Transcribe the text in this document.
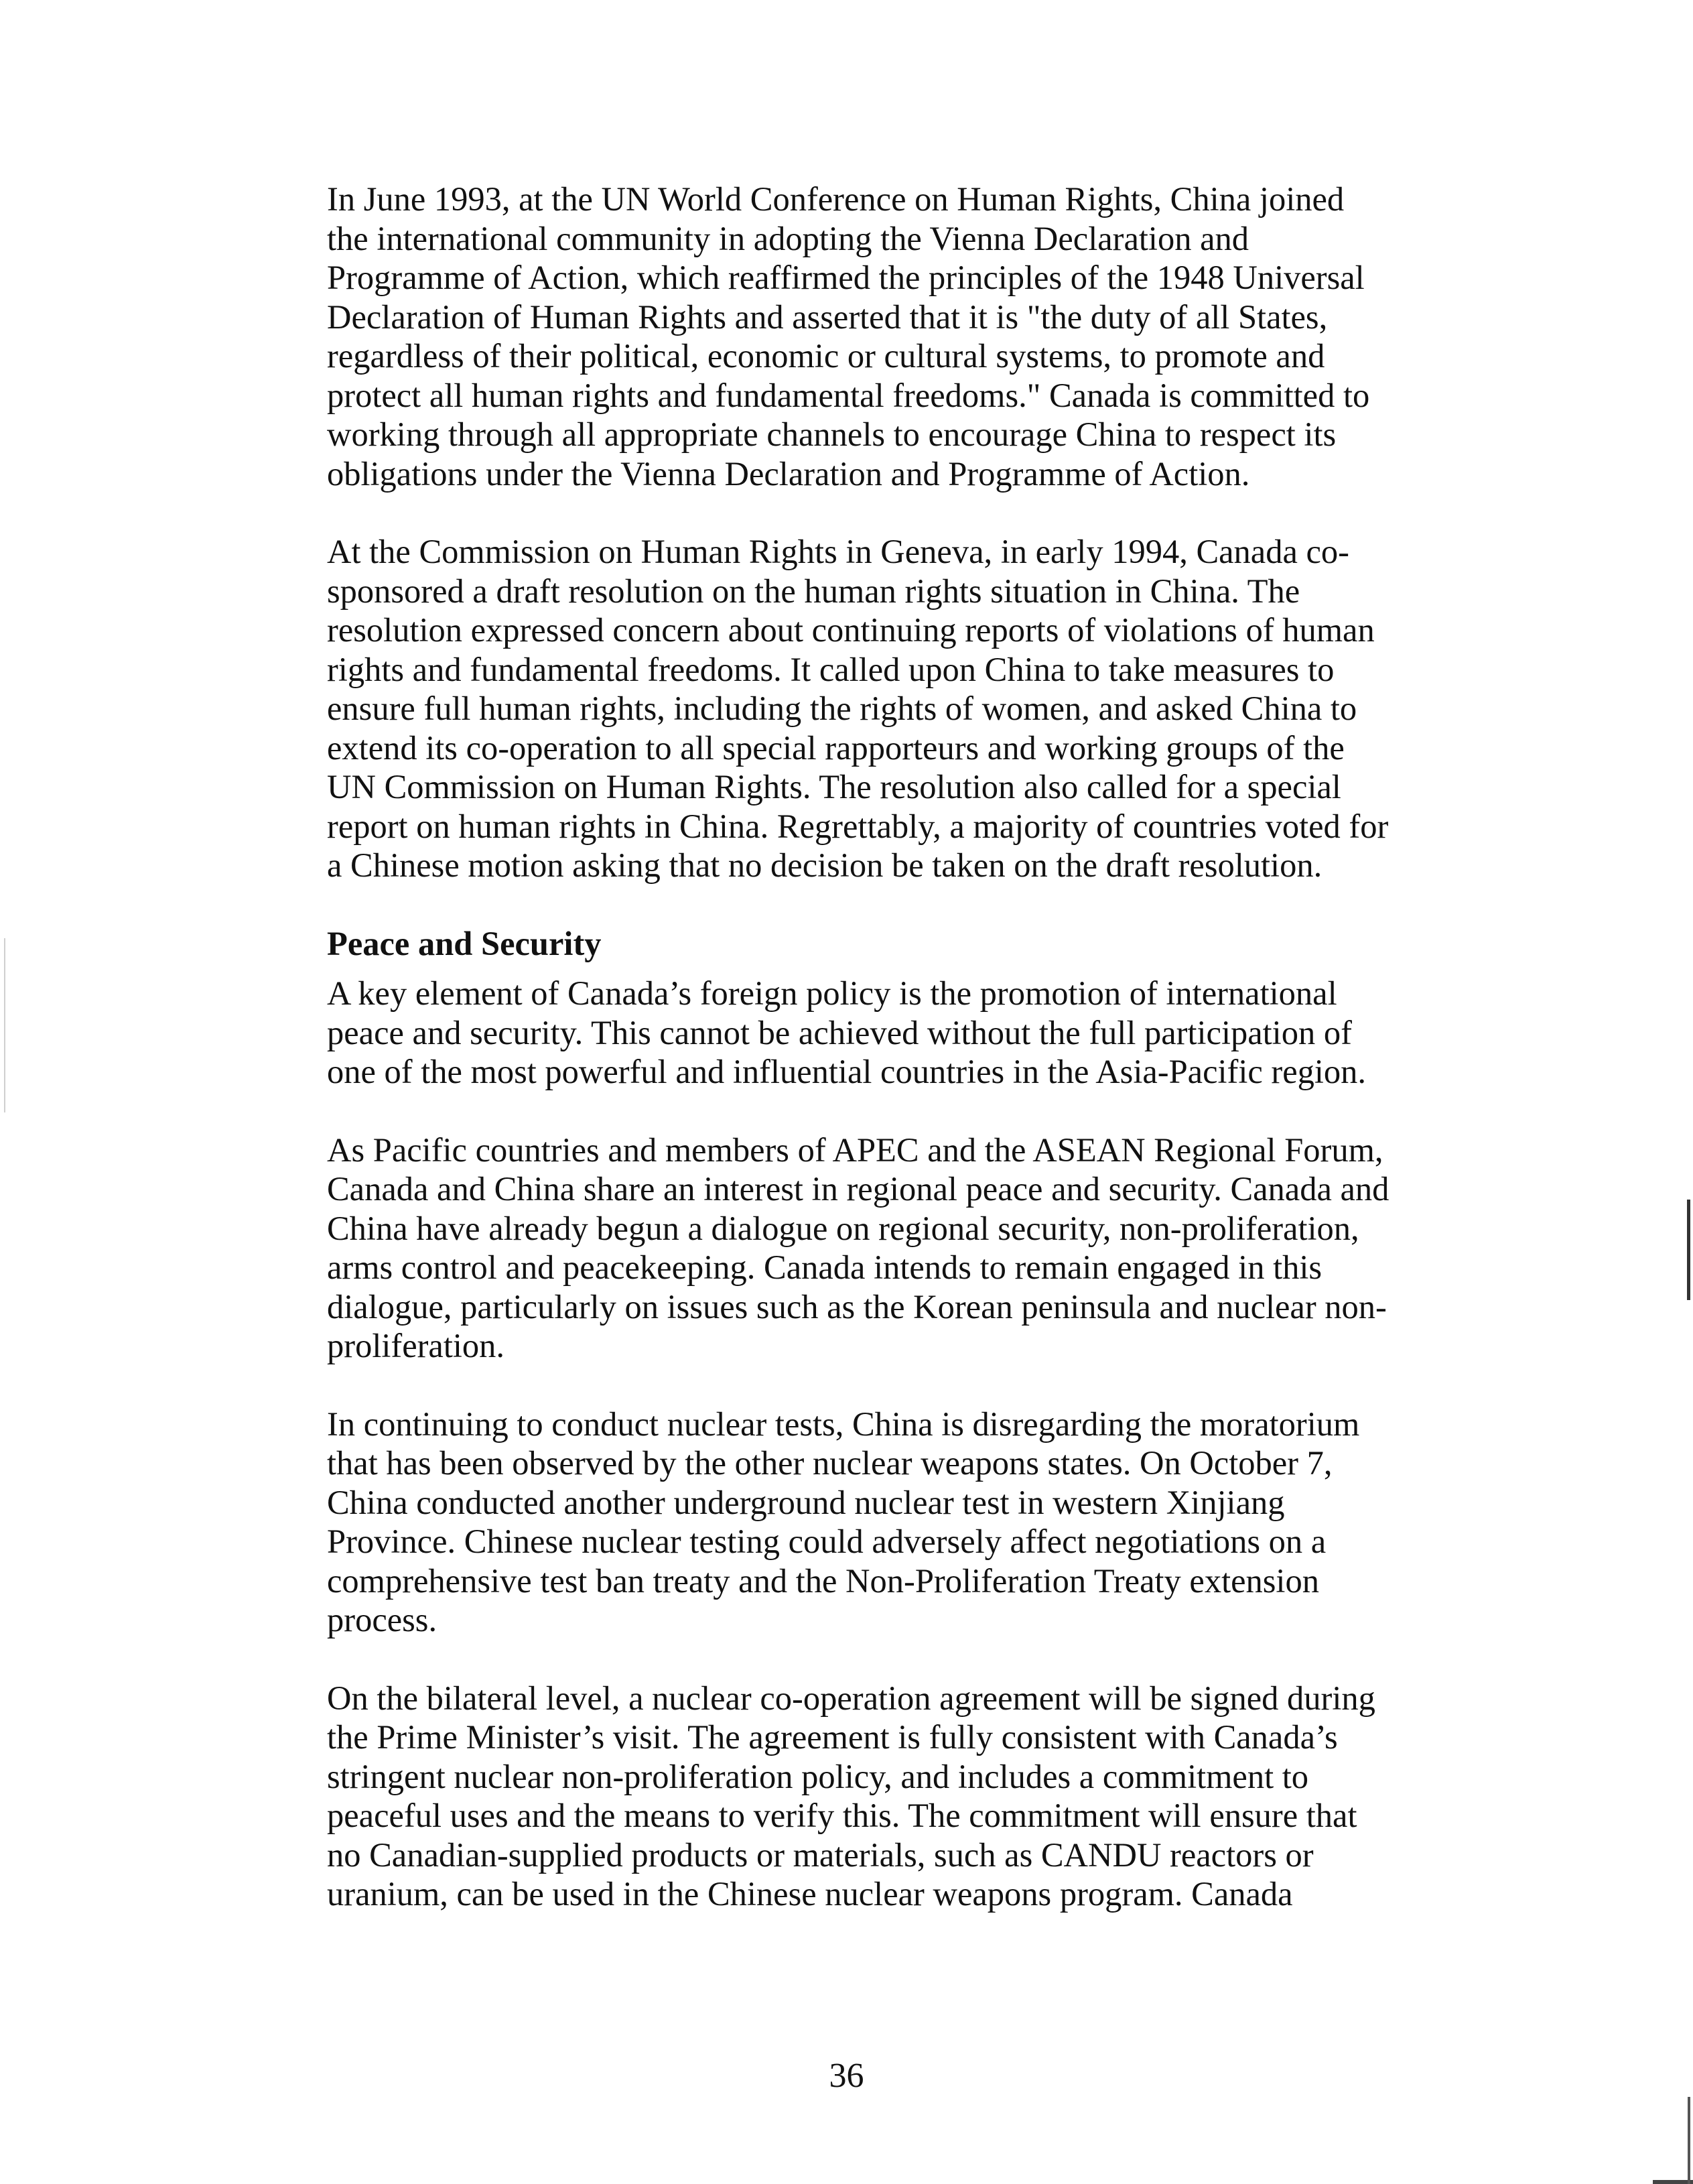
In June 1993, at the UN World Conference on Human Rights, China joined
the international community in adopting the Vienna Declaration and
Programme of Action, which reaffirmed the principles of the 1948 Universal
Declaration of Human Rights and asserted that it is "the duty of all States,
regardless of their political, economic or cultural systems, to promote and
protect all human rights and fundamental freedoms." Canada is committed to
working through all appropriate channels to encourage China to respect its
obligations under the Vienna Declaration and Programme of Action.
At the Commission on Human Rights in Geneva, in early 1994, Canada co-
sponsored a draft resolution on the human rights situation in China. The
resolution expressed concern about continuing reports of violations of human
rights and fundamental freedoms. It called upon China to take measures to
ensure full human rights, including the rights of women, and asked China to
extend its co-operation to all special rapporteurs and working groups of the
UN Commission on Human Rights. The resolution also called for a special
report on human rights in China. Regrettably, a majority of countries voted for
a Chinese motion asking that no decision be taken on the draft resolution.
Peace and Security
A key element of Canada’s foreign policy is the promotion of international
peace and security. This cannot be achieved without the full participation of
one of the most powerful and influential countries in the Asia-Pacific region.
As Pacific countries and members of APEC and the ASEAN Regional Forum,
Canada and China share an interest in regional peace and security. Canada and
China have already begun a dialogue on regional security, non-proliferation,
arms control and peacekeeping. Canada intends to remain engaged in this
dialogue, particularly on issues such as the Korean peninsula and nuclear non-
proliferation.
In continuing to conduct nuclear tests, China is disregarding the moratorium
that has been observed by the other nuclear weapons states. On October 7,
China conducted another underground nuclear test in western Xinjiang
Province. Chinese nuclear testing could adversely affect negotiations on a
comprehensive test ban treaty and the Non-Proliferation Treaty extension
process.
On the bilateral level, a nuclear co-operation agreement will be signed during
the Prime Minister’s visit. The agreement is fully consistent with Canada’s
stringent nuclear non-proliferation policy, and includes a commitment to
peaceful uses and the means to verify this. The commitment will ensure that
no Canadian-supplied products or materials, such as CANDU reactors or
uranium, can be used in the Chinese nuclear weapons program. Canada
36
